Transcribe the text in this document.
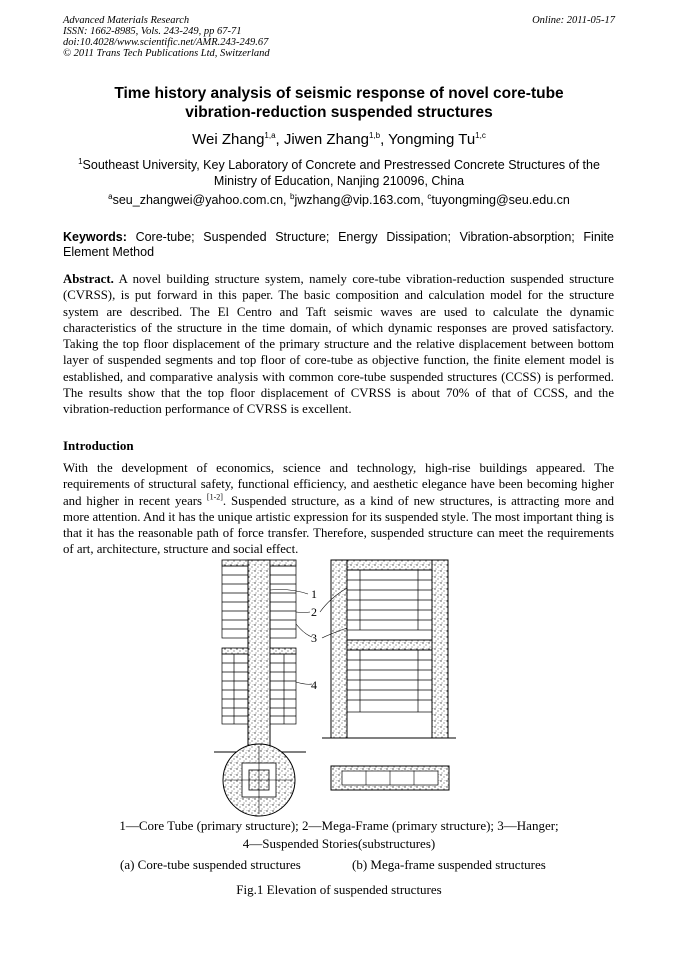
Advanced Materials Research
ISSN: 1662-8985, Vols. 243-249, pp 67-71
doi:10.4028/www.scientific.net/AMR.243-249.67
© 2011 Trans Tech Publications Ltd, Switzerland
Online: 2011-05-17
Time history analysis of seismic response of novel core-tube
vibration-reduction suspended structures
Wei Zhang$^{1,a}$, Jiwen Zhang$^{1,b}$, Yongming Tu$^{1,c}$
$^1$Southeast University, Key Laboratory of Concrete and Prestressed Concrete Structures of the
Ministry of Education, Nanjing 210096, China
$^a$seu_zhangwei@yahoo.com.cn, $^b$jwzhang@vip.163.com, $^c$tuyongming@seu.edu.cn
Keywords: Core-tube; Suspended Structure; Energy Dissipation; Vibration-absorption; Finite Element Method
Abstract. A novel building structure system, namely core-tube vibration-reduction suspended structure (CVRSS), is put forward in this paper. The basic composition and calculation model for the structure system are described. The El Centro and Taft seismic waves are used to calculate the dynamic characteristics of the structure in the time domain, of which dynamic responses are proved satisfactory. Taking the top floor displacement of the primary structure and the relative displacement between bottom layer of suspended segments and top floor of core-tube as objective function, the finite element model is established, and comparative analysis with common core-tube suspended structures (CCSS) is performed. The results show that the top floor displacement of CVRSS is about 70% of that of CCSS, and the vibration-reduction performance of CVRSS is excellent.
Introduction
With the development of economics, science and technology, high-rise buildings appeared. The requirements of structural safety, functional efficiency, and aesthetic elegance have been becoming higher and higher in recent years [1-2]. Suspended structure, as a kind of new structures, is attracting more and more attention. And it has the unique artistic expression for its suspended style. The most important thing is that it has the reasonable path of force transfer. Therefore, suspended structure can meet the requirements of art, architecture, structure and social effect.
1
2
3
4
1—Core Tube (primary structure); 2—Mega-Frame (primary structure); 3—Hanger;
4—Suspended Stories(substructures)
(a) Core-tube suspended structures	(b) Mega-frame suspended structures
Fig.1 Elevation of suspended structures
